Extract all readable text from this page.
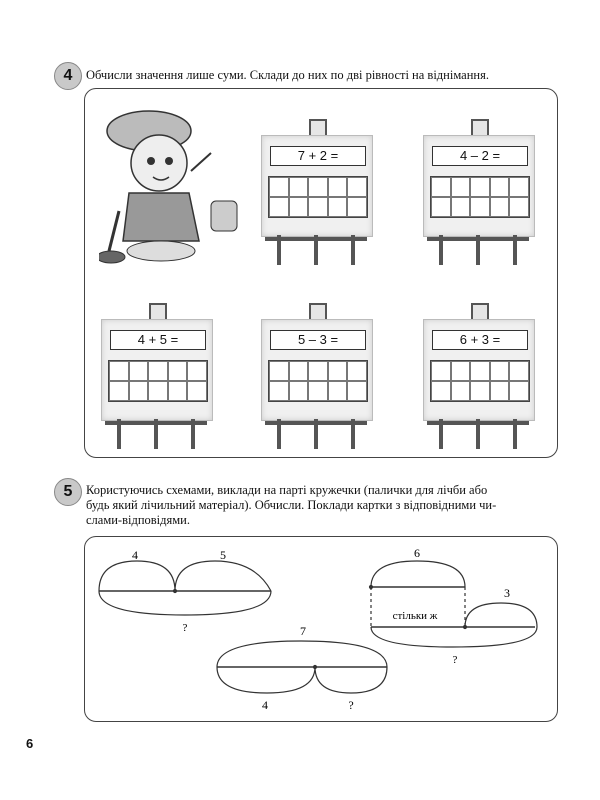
4	Обчисли значення лише суми. Склади до них по дві рівності на віднімання.
7 + 2 =	4 – 2 =
4 + 5 =	5 – 3 =	6 + 3 =
5	Користуючись схемами, виклади на парті кружечки (палички для лічби або
будь який лічильний матеріал). Обчисли. Поклади картки з відповідними чи-
слами-відповідями.
4	5
?	7
4	?
6
3
стільки ж
?
6
